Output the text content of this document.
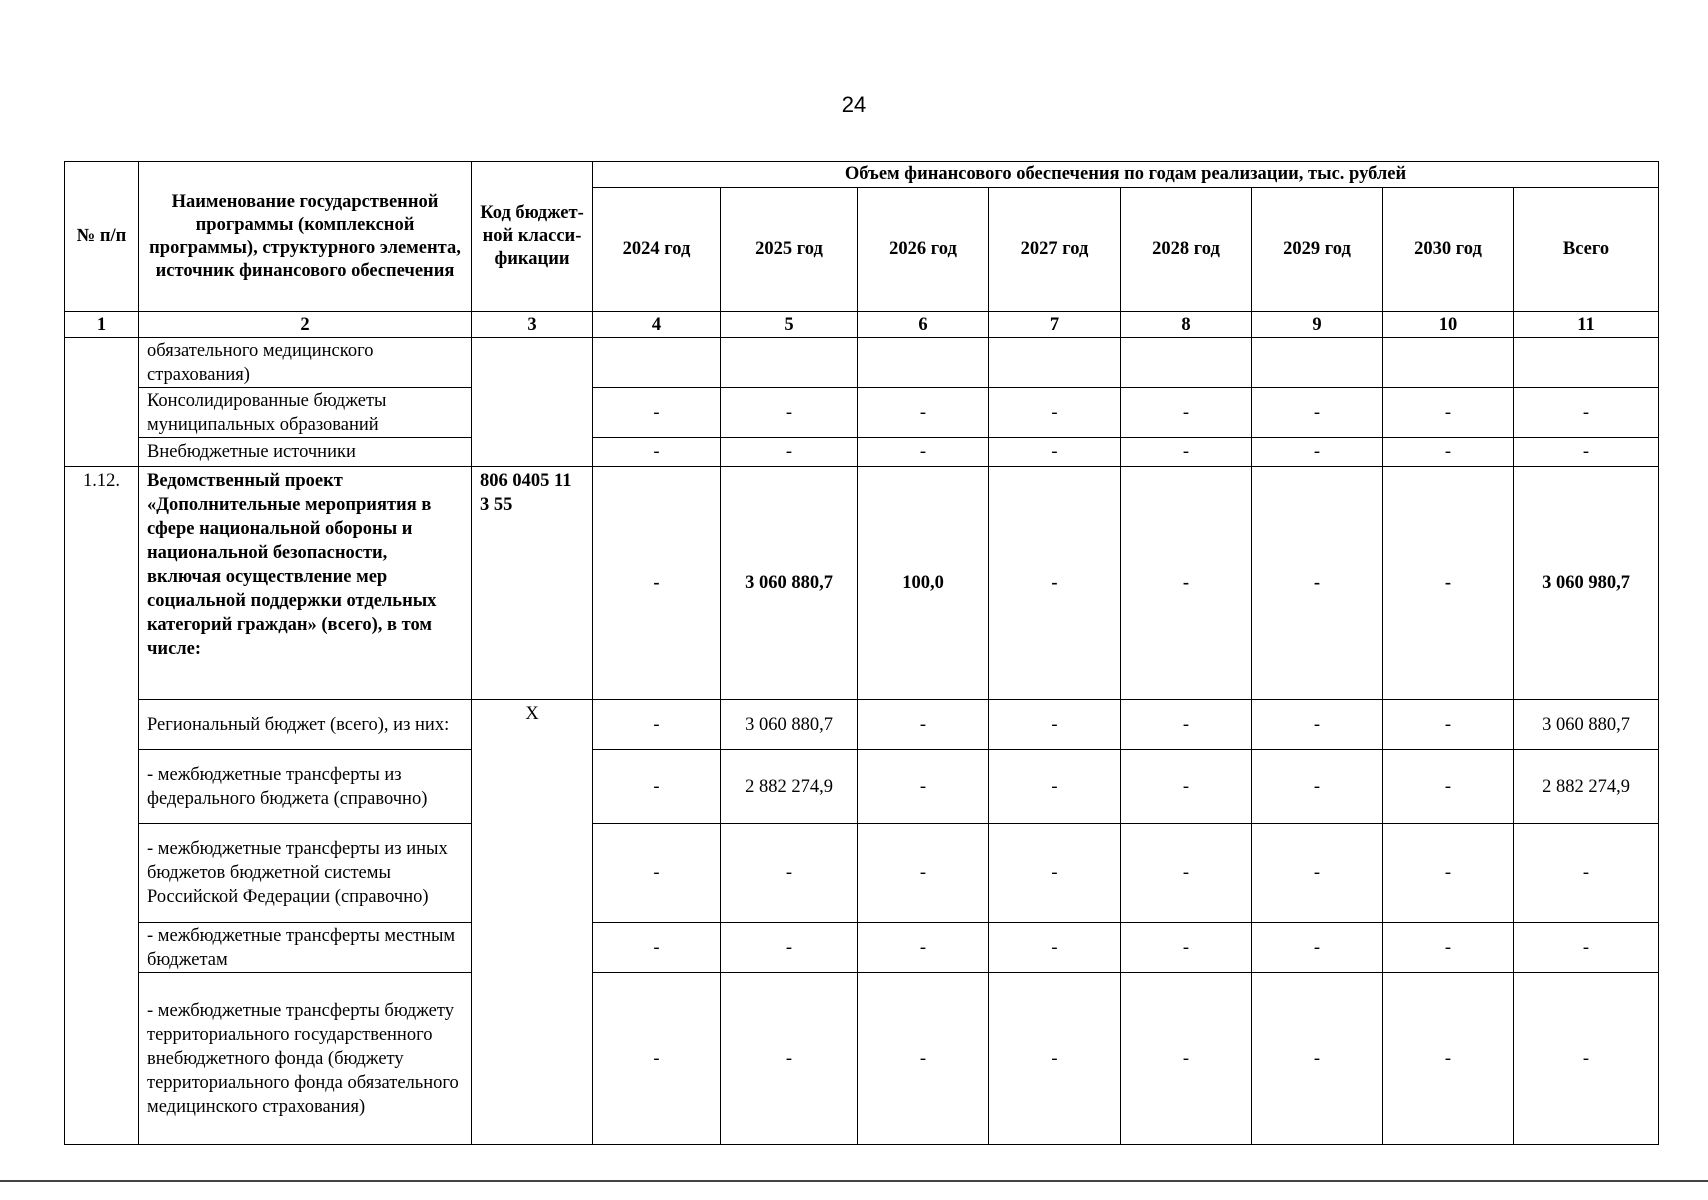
24
№ п/п	Наименование государственной программы (комплексной программы), структурного элемента, источник финансового обеспечения	Код бюджет-ной класси-фикации	Объем финансового обеспечения по годам реализации, тыс. рублей							
			2024 год	2025 год	2026 год	2027 год	2028 год	2029 год	2030 год	Всего
1	2	3	4	5	6	7	8	9	10	11
	обязательного медицинского страхования)									
	Консолидированные бюджеты муниципальных образований		-	-	-	-	-	-	-	-
	Внебюджетные источники		-	-	-	-	-	-	-	-
1.12.	Ведомственный проект «Дополнительные мероприятия в сфере национальной обороны и национальной безопасности, включая осуществление мер социальной поддержки отдельных категорий граждан» (всего), в том числе:	806 0405 11 3 55	-	3 060 880,7	100,0	-	-	-	-	3 060 980,7
	Региональный бюджет (всего), из них:	X	-	3 060 880,7	-	-	-	-	-	3 060 880,7
	- межбюджетные трансферты из федерального бюджета (справочно)		-	2 882 274,9	-	-	-	-	-	2 882 274,9
	- межбюджетные трансферты из иных бюджетов бюджетной системы Российской Федерации (справочно)		-	-	-	-	-	-	-	-
	- межбюджетные трансферты местным бюджетам		-	-	-	-	-	-	-	-
	- межбюджетные трансферты бюджету территориального государственного внебюджетного фонда (бюджету территориального фонда обязательного медицинского страхования)		-	-	-	-	-	-	-	-
